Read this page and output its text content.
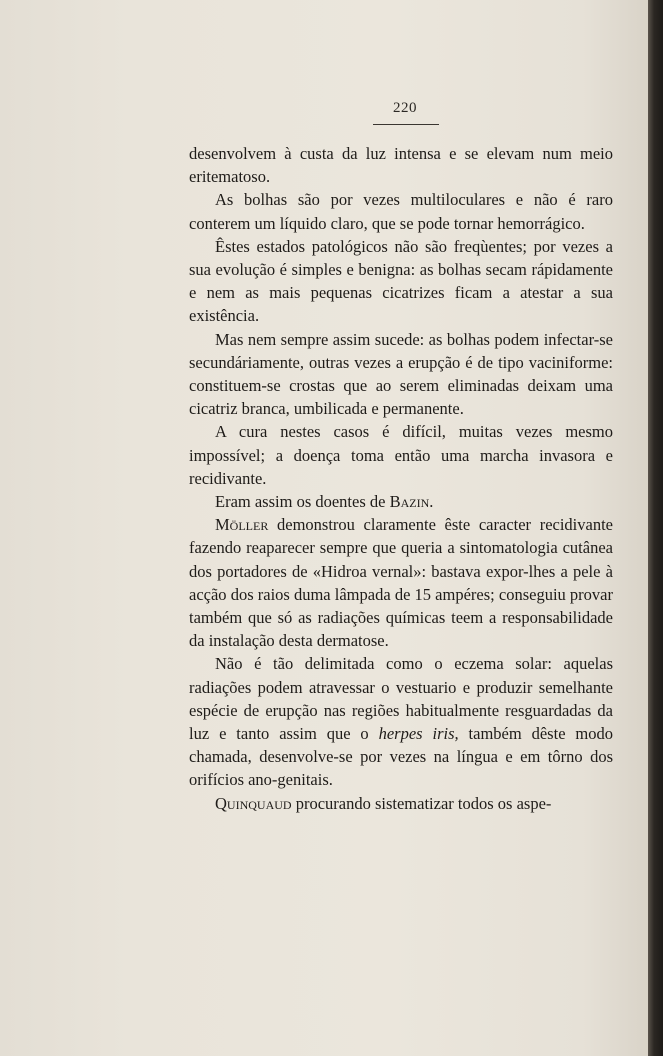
220

desenvolvem à custa da luz intensa e se elevam num meio eritematoso.

As bolhas são por vezes multiloculares e não é raro conterem um líquido claro, que se pode tornar hemorrágico.

Êstes estados patológicos não são freqùentes; por vezes a sua evolução é simples e benigna: as bolhas secam rápidamente e nem as mais pequenas cicatrizes ficam a atestar a sua existência.

Mas nem sempre assim sucede: as bolhas podem infectar-se secundáriamente, outras vezes a erupção é de tipo vaciniforme: constituem-se crostas que ao serem eliminadas deixam uma cicatriz branca, umbilicada e permanente.

A cura nestes casos é difícil, muitas vezes mesmo impossível; a doença toma então uma marcha invasora e recidivante.

Eram assim os doentes de Bazin.

Möller demonstrou claramente êste caracter recidivante fazendo reaparecer sempre que queria a sintomatologia cutânea dos portadores de «Hidroa vernal»: bastava expor-lhes a pele à acção dos raios duma lâmpada de 15 ampéres; conseguiu provar também que só as radiações químicas teem a responsabilidade da instalação desta dermatose.

Não é tão delimitada como o eczema solar: aquelas radiações podem atravessar o vestuario e produzir semelhante espécie de erupção nas regiões habitualmente resguardadas da luz e tanto assim que o herpes iris, também dêste modo chamada, desenvolve-se por vezes na língua e em tôrno dos orifícios ano-genitais.

Quinquaud procurando sistematizar todos os aspe-
